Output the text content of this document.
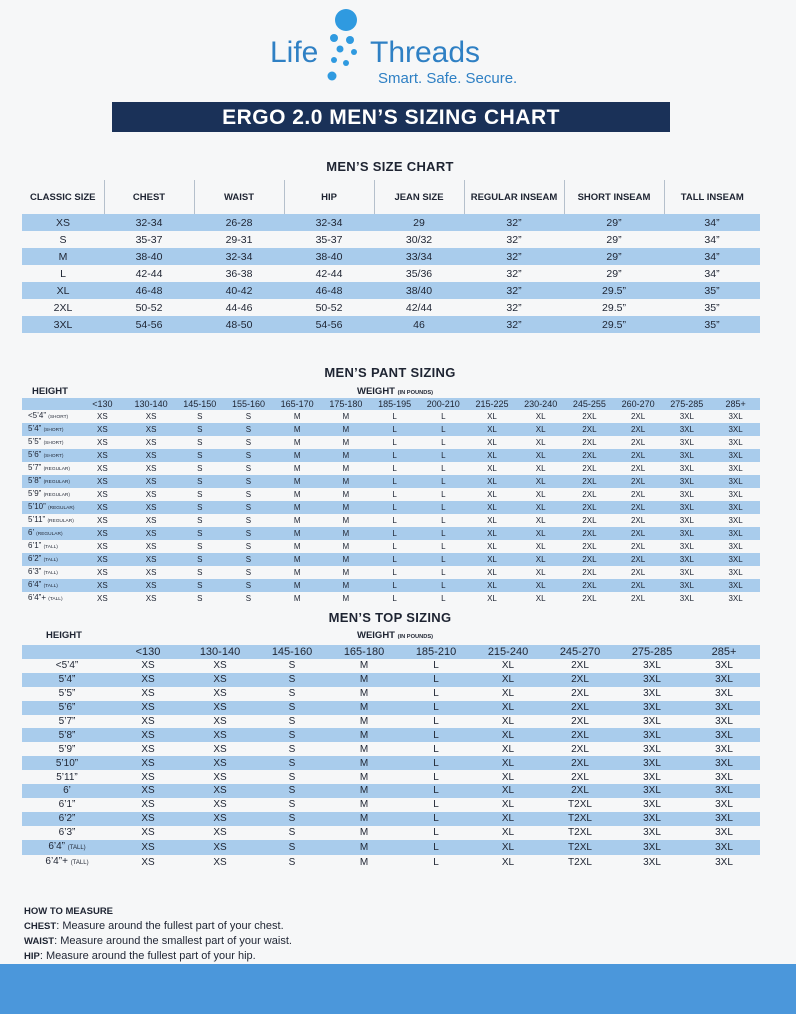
Life Threads
Smart. Safe. Secure.
ERGO 2.0 MEN’S SIZING CHART
MEN’S SIZE CHART
CLASSIC SIZE	CHEST	WAIST	HIP	JEAN SIZE	REGULAR INSEAM	SHORT INSEAM	TALL INSEAM
XS	32-34	26-28	32-34	29	32”	29”	34”
S	35-37	29-31	35-37	30/32	32”	29”	34”
M	38-40	32-34	38-40	33/34	32”	29”	34”
L	42-44	36-38	42-44	35/36	32”	29”	34”
XL	46-48	40-42	46-48	38/40	32”	29.5”	35”
2XL	50-52	44-46	50-52	42/44	32”	29.5”	35”
3XL	54-56	48-50	54-56	46	32”	29.5”	35”
MEN’S PANT SIZING
HEIGHT	WEIGHT (IN POUNDS)
	<130	130-140	145-150	155-160	165-170	175-180	185-195	200-210	215-225	230-240	245-255	260-270	275-285	285+
<5’4” (SHORT)	XS	XS	S	S	M	M	L	L	XL	XL	2XL	2XL	3XL	3XL
5’4” (SHORT)	XS	XS	S	S	M	M	L	L	XL	XL	2XL	2XL	3XL	3XL
5’5” (SHORT)	XS	XS	S	S	M	M	L	L	XL	XL	2XL	2XL	3XL	3XL
5’6” (SHORT)	XS	XS	S	S	M	M	L	L	XL	XL	2XL	2XL	3XL	3XL
5’7” (REGULAR)	XS	XS	S	S	M	M	L	L	XL	XL	2XL	2XL	3XL	3XL
5’8” (REGULAR)	XS	XS	S	S	M	M	L	L	XL	XL	2XL	2XL	3XL	3XL
5’9” (REGULAR)	XS	XS	S	S	M	M	L	L	XL	XL	2XL	2XL	3XL	3XL
5’10” (REGULAR)	XS	XS	S	S	M	M	L	L	XL	XL	2XL	2XL	3XL	3XL
5’11” (REGULAR)	XS	XS	S	S	M	M	L	L	XL	XL	2XL	2XL	3XL	3XL
6’ (REGULAR)	XS	XS	S	S	M	M	L	L	XL	XL	2XL	2XL	3XL	3XL
6’1” (TALL)	XS	XS	S	S	M	M	L	L	XL	XL	2XL	2XL	3XL	3XL
6’2” (TALL)	XS	XS	S	S	M	M	L	L	XL	XL	2XL	2XL	3XL	3XL
6’3” (TALL)	XS	XS	S	S	M	M	L	L	XL	XL	2XL	2XL	3XL	3XL
6’4” (TALL)	XS	XS	S	S	M	M	L	L	XL	XL	2XL	2XL	3XL	3XL
6’4”+ (TALL)	XS	XS	S	S	M	M	L	L	XL	XL	2XL	2XL	3XL	3XL
MEN’S TOP SIZING
HEIGHT	WEIGHT (IN POUNDS)
	<130	130-140	145-160	165-180	185-210	215-240	245-270	275-285	285+
<5’4”	XS	XS	S	M	L	XL	2XL	3XL	3XL
5’4”	XS	XS	S	M	L	XL	2XL	3XL	3XL
5’5”	XS	XS	S	M	L	XL	2XL	3XL	3XL
5’6”	XS	XS	S	M	L	XL	2XL	3XL	3XL
5’7”	XS	XS	S	M	L	XL	2XL	3XL	3XL
5’8”	XS	XS	S	M	L	XL	2XL	3XL	3XL
5’9”	XS	XS	S	M	L	XL	2XL	3XL	3XL
5’10”	XS	XS	S	M	L	XL	2XL	3XL	3XL
5’11”	XS	XS	S	M	L	XL	2XL	3XL	3XL
6’	XS	XS	S	M	L	XL	2XL	3XL	3XL
6’1”	XS	XS	S	M	L	XL	T2XL	3XL	3XL
6’2”	XS	XS	S	M	L	XL	T2XL	3XL	3XL
6’3”	XS	XS	S	M	L	XL	T2XL	3XL	3XL
6’4” (TALL)	XS	XS	S	M	L	XL	T2XL	3XL	3XL
6’4”+ (TALL)	XS	XS	S	M	L	XL	T2XL	3XL	3XL
HOW TO MEASURE
CHEST: Measure around the fullest part of your chest.
WAIST: Measure around the smallest part of your waist.
HIP: Measure around the fullest part of your hip.
